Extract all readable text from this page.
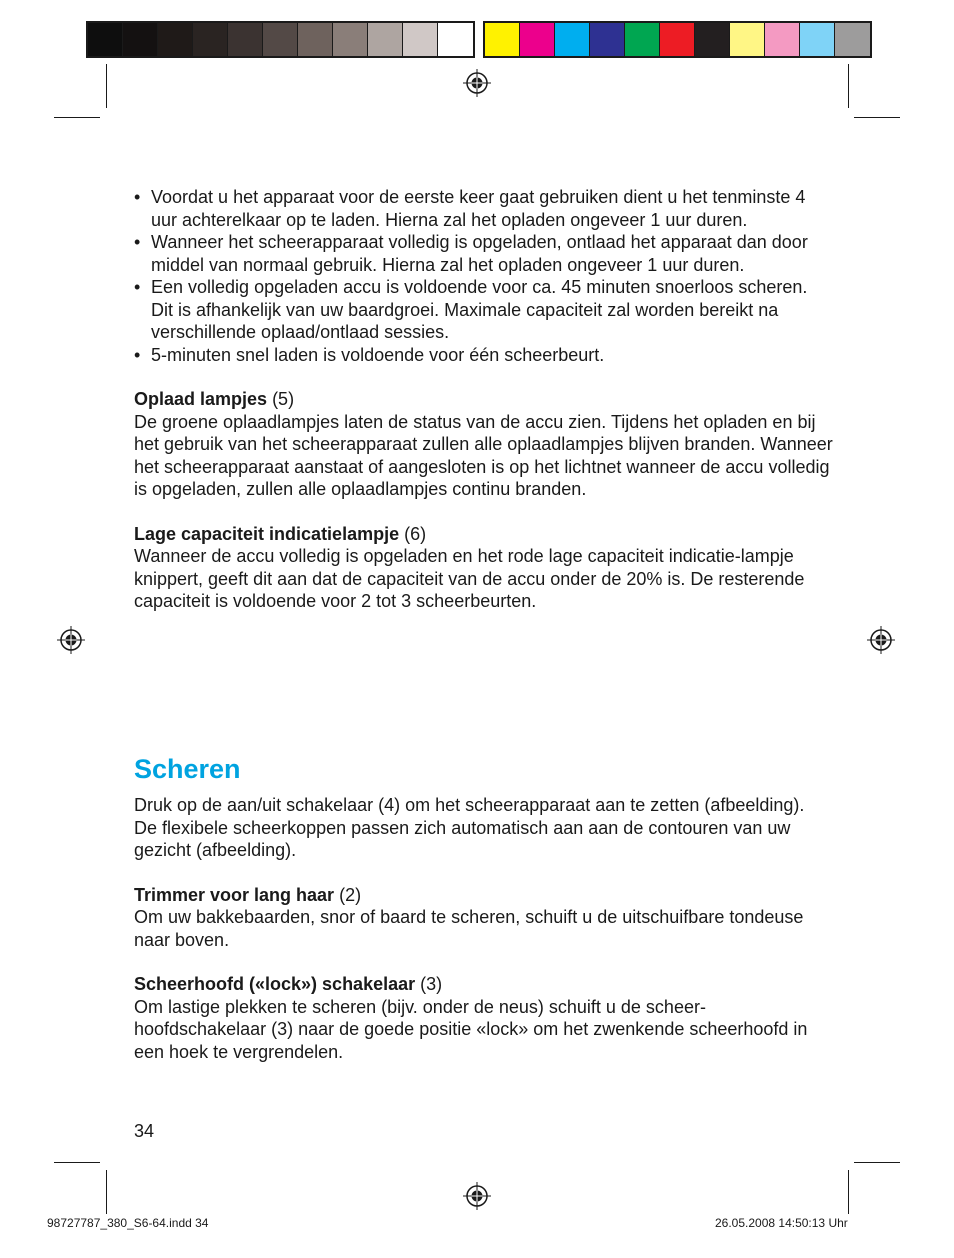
• Voordat u het apparaat voor de eerste keer gaat gebruiken dient u het tenminste 4 uur achterelkaar op te laden. Hierna zal het opladen ongeveer 1 uur duren.
• Wanneer het scheerapparaat volledig is opgeladen, ontlaad het apparaat dan door middel van normaal gebruik. Hierna zal het opladen ongeveer 1 uur duren.
• Een volledig opgeladen accu is voldoende voor ca. 45 minuten snoerloos scheren. Dit is afhankelijk van uw baardgroei. Maximale capaciteit zal worden bereikt na verschillende oplaad/ontlaad sessies.
• 5-minuten snel laden is voldoende voor één scheerbeurt.

Oplaad lampjes (5)

De groene oplaadlampjes laten de status van de accu zien. Tijdens het opladen en bij het gebruik van het scheerapparaat zullen alle oplaadlampjes blijven branden. Wanneer het scheerapparaat aanstaat of aangesloten is op het lichtnet wanneer de accu volledig is opgeladen, zullen alle oplaadlampjes continu branden.

Lage capaciteit indicatielampje (6)

Wanneer de accu volledig is opgeladen en het rode lage capaciteit indicatie-lampje knippert, geeft dit aan dat de capaciteit van de accu onder de 20% is. De resterende capaciteit is voldoende voor 2 tot 3 scheerbeurten.

Scheren

Druk op de aan/uit schakelaar (4) om het scheerapparaat aan te zetten (afbeelding).

De flexibele scheerkoppen passen zich automatisch aan aan de contouren van uw gezicht (afbeelding).

Trimmer voor lang haar (2)

Om uw bakkebaarden, snor of baard te scheren, schuift u de uitschuifbare tondeuse naar boven.

Scheerhoofd («lock») schakelaar (3)

Om lastige plekken te scheren (bijv. onder de neus) schuift u de scheer-hoofdschakelaar (3) naar de goede positie «lock» om het zwenkende scheerhoofd in een hoek te vergrendelen.

34
98727787_380_S6-64.indd 34	26.05.2008 14:50:13 Uhr
